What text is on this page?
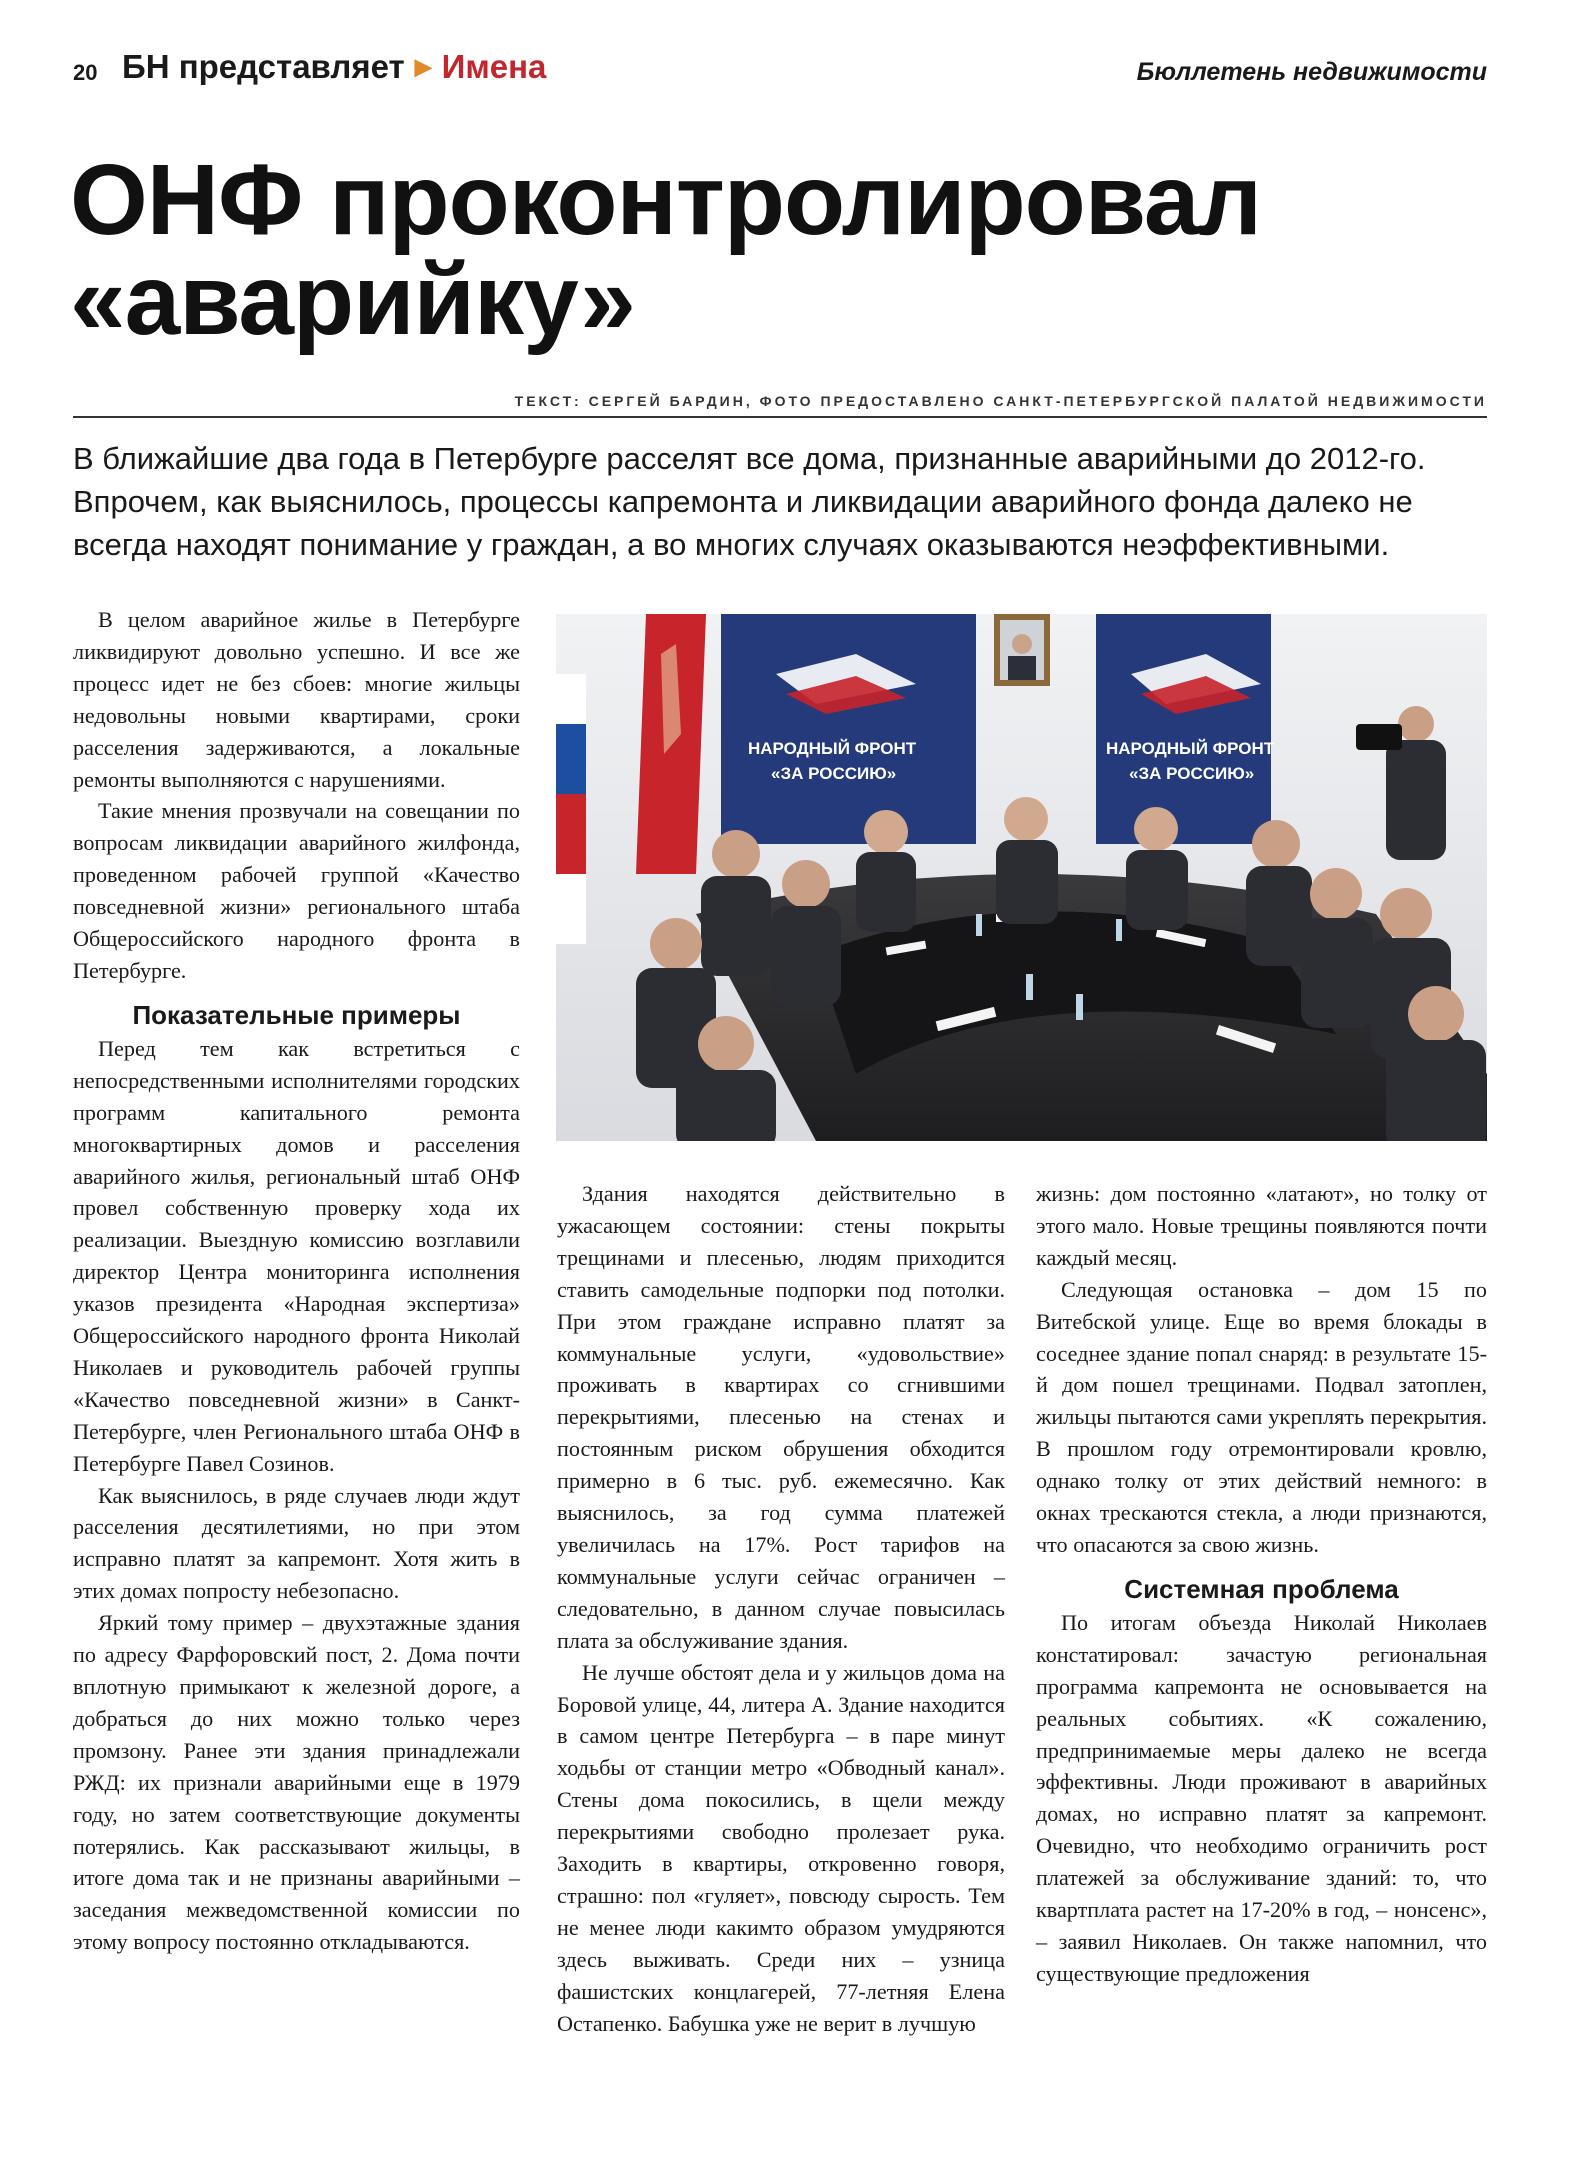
20 БН представляет ▶ Имена	Бюллетень недвижимости
ОНФ проконтролировал «аварийку»
ТЕКСТ: СЕРГЕЙ БАРДИН, ФОТО ПРЕДОСТАВЛЕНО САНКТ-ПЕТЕРБУРГСКОЙ ПАЛАТОЙ НЕДВИЖИМОСТИ

В ближайшие два года в Петербурге расселят все дома, признанные аварийными до 2012-го. Впрочем, как выяснилось, процессы капремонта и ликвидации аварийного фонда далеко не всегда находят понимание у граждан, а во многих случаях оказываются неэффективными.

В целом аварийное жилье в Петербурге ликвидируют довольно успешно. И все же процесс идет не без сбоев: многие жильцы недовольны новыми квартирами, сроки расселения задерживаются, а локальные ремонты выполняются с нарушениями.

Такие мнения прозвучали на совещании по вопросам ликвидации аварийного жилфонда, проведенном рабочей группой «Качество повседневной жизни» регионального штаба Общероссийского народного фронта в Петербурге.

Показательные примеры

Перед тем как встретиться с непосредственными исполнителями городских программ капитального ремонта многоквартирных домов и расселения аварийного жилья, региональный штаб ОНФ провел собственную проверку хода их реализации. Выездную комиссию возглавили директор Центра мониторинга исполнения указов президента «Народная экспертиза» Общероссийского народного фронта Николай Николаев и руководитель рабочей группы «Качество повседневной жизни» в Санкт-Петербурге, член Регионального штаба ОНФ в Петербурге Павел Созинов.

Как выяснилось, в ряде случаев люди ждут расселения десятилетиями, но при этом исправно платят за капремонт. Хотя жить в этих домах попросту небезопасно.

Яркий тому пример – двухэтажные здания по адресу Фарфоровский пост, 2. Дома почти вплотную примыкают к железной дороге, а добраться до них можно только через промзону. Ранее эти здания принадлежали РЖД: их признали аварийными еще в 1979 году, но затем соответствующие документы потерялись. Как рассказывают жильцы, в итоге дома так и не признаны аварийными – заседания межведомственной комиссии по этому вопросу постоянно откладываются.

НАРОДНЫЙ ФРОНТ
«ЗА РОССИЮ»
НАРОДНЫЙ ФРОНТ
«ЗА РОССИЮ»

Здания находятся действительно в ужасающем состоянии: стены покрыты трещинами и плесенью, людям приходится ставить самодельные подпорки под потолки. При этом граждане исправно платят за коммунальные услуги, «удовольствие» проживать в квартирах со сгнившими перекрытиями, плесенью на стенах и постоянным риском обрушения обходится примерно в 6 тыс. руб. ежемесячно. Как выяснилось, за год сумма платежей увеличилась на 17%. Рост тарифов на коммунальные услуги сейчас ограничен – следовательно, в данном случае повысилась плата за обслуживание здания.

Не лучше обстоят дела и у жильцов дома на Боровой улице, 44, литера А. Здание находится в самом центре Петербурга – в паре минут ходьбы от станции метро «Обводный канал». Стены дома покосились, в щели между перекрытиями свободно пролезает рука. Заходить в квартиры, откровенно говоря, страшно: пол «гуляет», повсюду сырость. Тем не менее люди какимто образом умудряются здесь выживать. Среди них – узница фашистских концлагерей, 77-летняя Елена Остапенко. Бабушка уже не верит в лучшую

жизнь: дом постоянно «латают», но толку от этого мало. Новые трещины появляются почти каждый месяц.

Следующая остановка – дом 15 по Витебской улице. Еще во время блокады в соседнее здание попал снаряд: в результате 15-й дом пошел трещинами. Подвал затоплен, жильцы пытаются сами укреплять перекрытия. В прошлом году отремонтировали кровлю, однако толку от этих действий немного: в окнах трескаются стекла, а люди признаются, что опасаются за свою жизнь.

Системная проблема

По итогам объезда Николай Николаев констатировал: зачастую региональная программа капремонта не основывается на реальных событиях. «К сожалению, предпринимаемые меры далеко не всегда эффективны. Люди проживают в аварийных домах, но исправно платят за капремонт. Очевидно, что необходимо ограничить рост платежей за обслуживание зданий: то, что квартплата растет на 17-20% в год, – нонсенс», – заявил Николаев. Он также напомнил, что существующие предложения
